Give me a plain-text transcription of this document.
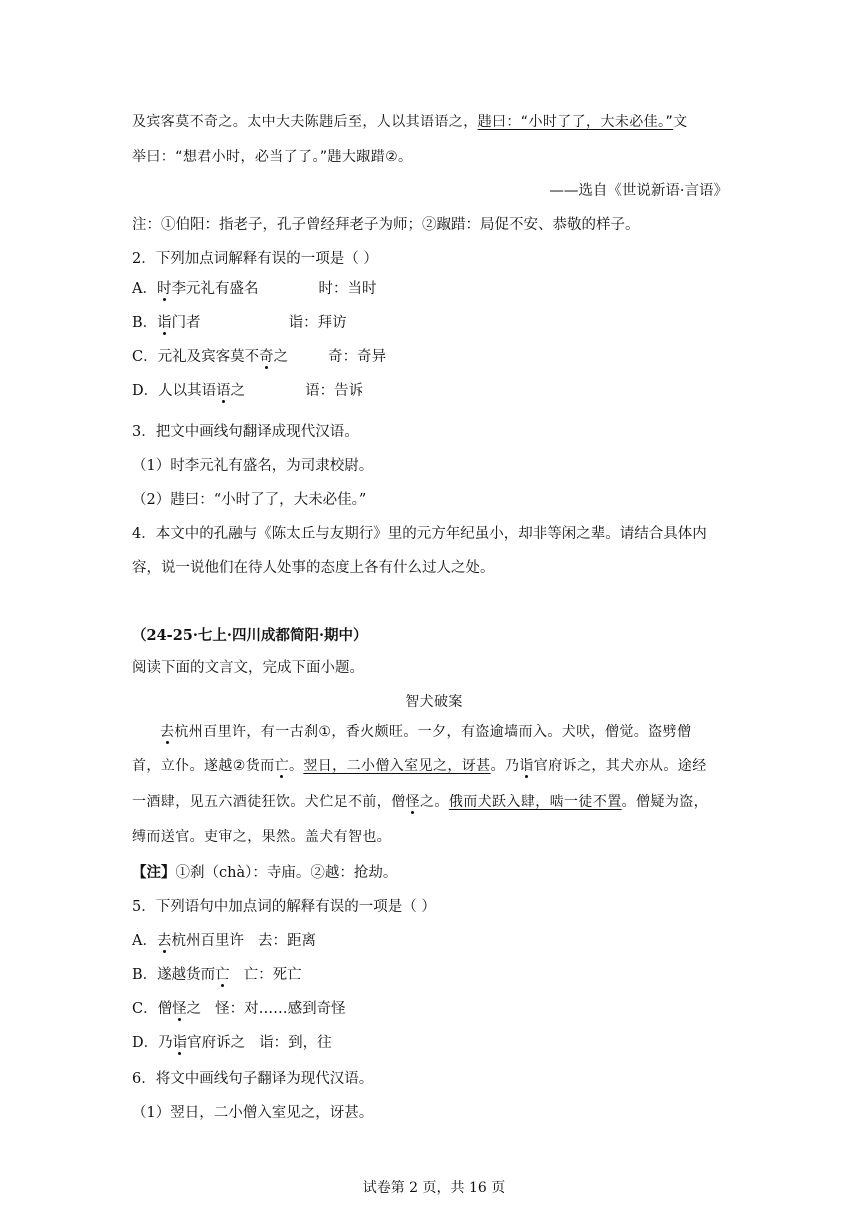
及宾客莫不奇之。太中大夫陈韪后至，人以其语语之，韪曰：“小时了了，大未必佳。”文
举曰：“想君小时，必当了了。”韪大踧踖②。
——选自《世说新语·言语》
注：①伯阳：指老子，孔子曾经拜老子为师；②踧踖：局促不安、恭敬的样子。
2．下列加点词解释有误的一项是（ ）
A．时李元礼有盛名	时：当时
B．诣门者	诣：拜访
C．元礼及宾客莫不奇之	奇：奇异
D．人以其语语之	语：告诉
3．把文中画线句翻译成现代汉语。
（1）时李元礼有盛名，为司隶校尉。
（2）韪曰：“小时了了，大未必佳。”
4．本文中的孔融与《陈太丘与友期行》里的元方年纪虽小，却非等闲之辈。请结合具体内
容，说一说他们在待人处事的态度上各有什么过人之处。
（24-25·七上·四川成都简阳·期中）
阅读下面的文言文，完成下面小题。
智犬破案
去杭州百里许，有一古刹①，香火颇旺。一夕，有盗逾墙而入。犬吠，僧觉。盗劈僧
首，立仆。遂越②货而亡。翌日，二小僧入室见之，讶甚。乃诣官府诉之，其犬亦从。途经
一酒肆，见五六酒徒狂饮。犬伫足不前，僧怪之。俄而犬跃入肆，啮一徒不置。僧疑为盗，
缚而送官。吏审之，果然。盖犬有智也。
【注】①刹（chà）：寺庙。②越：抢劫。
5．下列语句中加点词的解释有误的一项是（ ）
A．去杭州百里许 去：距离
B．遂越货而亡 亡：死亡
C．僧怪之 怪：对……感到奇怪
D．乃诣官府诉之 诣：到，往
6．将文中画线句子翻译为现代汉语。
（1）翌日，二小僧入室见之，讶甚。
试卷第 2 页，共 16 页
